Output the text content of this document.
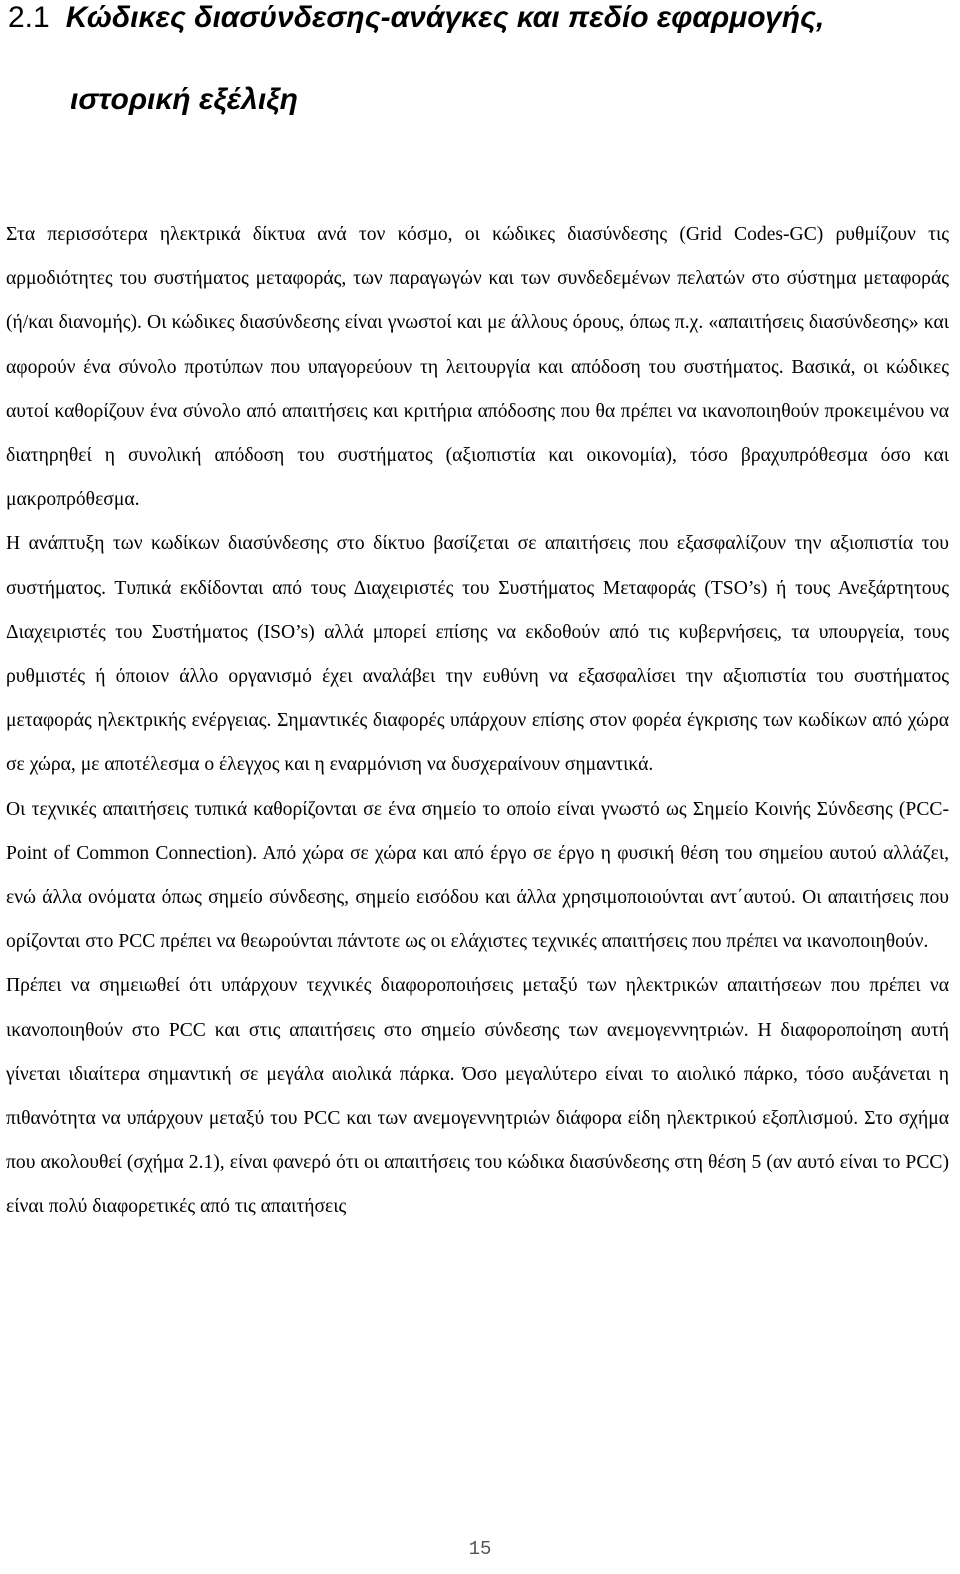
2.1 Κώδικες διασύνδεσης-ανάγκες και πεδίο εφαρμογής,
ιστορική εξέλιξη

Στα περισσότερα ηλεκτρικά δίκτυα ανά τον κόσμο, οι κώδικες διασύνδεσης (Grid Codes-GC) ρυθμίζουν τις αρμοδιότητες του συστήματος μεταφοράς, των παραγωγών και των συνδεδεμένων πελατών στο σύστημα μεταφοράς (ή/και διανομής). Οι κώδικες διασύνδεσης είναι γνωστοί και με άλλους όρους, όπως π.χ. «απαιτήσεις διασύνδεσης» και αφορούν ένα σύνολο προτύπων που υπαγορεύουν τη λειτουργία και απόδοση του συστήματος. Βασικά, οι κώδικες αυτοί καθορίζουν ένα σύνολο από απαιτήσεις και κριτήρια απόδοσης που θα πρέπει να ικανοποιηθούν προκειμένου να διατηρηθεί η συνολική απόδοση του συστήματος (αξιοπιστία και οικονομία), τόσο βραχυπρόθεσμα όσο και μακροπρόθεσμα.

Η ανάπτυξη των κωδίκων διασύνδεσης στο δίκτυο βασίζεται σε απαιτήσεις που εξασφαλίζουν την αξιοπιστία του συστήματος. Τυπικά εκδίδονται από τους Διαχειριστές του Συστήματος Μεταφοράς (TSO’s) ή τους Ανεξάρτητους Διαχειριστές του Συστήματος (ISO’s) αλλά μπορεί επίσης να εκδοθούν από τις κυβερνήσεις, τα υπουργεία, τους ρυθμιστές ή όποιον άλλο οργανισμό έχει αναλάβει την ευθύνη να εξασφαλίσει την αξιοπιστία του συστήματος μεταφοράς ηλεκτρικής ενέργειας. Σημαντικές διαφορές υπάρχουν επίσης στον φορέα έγκρισης των κωδίκων από χώρα σε χώρα, με αποτέλεσμα ο έλεγχος και η εναρμόνιση να δυσχεραίνουν σημαντικά.

Οι τεχνικές απαιτήσεις τυπικά καθορίζονται σε ένα σημείο το οποίο είναι γνωστό ως Σημείο Κοινής Σύνδεσης (PCC-Point of Common Connection). Από χώρα σε χώρα και από έργο σε έργο η φυσική θέση του σημείου αυτού αλλάζει, ενώ άλλα ονόματα όπως σημείο σύνδεσης, σημείο εισόδου και άλλα χρησιμοποιούνται αντ΄αυτού. Οι απαιτήσεις που ορίζονται στο PCC πρέπει να θεωρούνται πάντοτε ως οι ελάχιστες τεχνικές απαιτήσεις που πρέπει να ικανοποιηθούν.

Πρέπει να σημειωθεί ότι υπάρχουν τεχνικές διαφοροποιήσεις μεταξύ των ηλεκτρικών απαιτήσεων που πρέπει να ικανοποιηθούν στο PCC και στις απαιτήσεις στο σημείο σύνδεσης των ανεμογεννητριών. Η διαφοροποίηση αυτή γίνεται ιδιαίτερα σημαντική σε μεγάλα αιολικά πάρκα. Όσο μεγαλύτερο είναι το αιολικό πάρκο, τόσο αυξάνεται η πιθανότητα να υπάρχουν μεταξύ του PCC και των ανεμογεννητριών διάφορα είδη ηλεκτρικού εξοπλισμού. Στο σχήμα που ακολουθεί (σχήμα 2.1), είναι φανερό ότι οι απαιτήσεις του κώδικα διασύνδεσης στη θέση 5 (αν αυτό είναι το PCC) είναι πολύ διαφορετικές από τις απαιτήσεις

15
